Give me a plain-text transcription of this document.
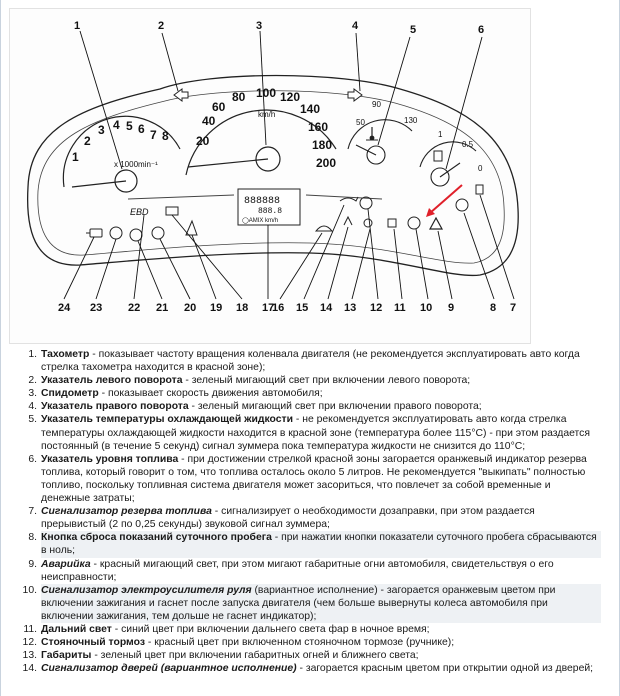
1
2
3 4 5 6 7 8
x 1000min⁻¹
20
40
60
80 100 120
140
160
180
200
km/h
50
90
130
1
0.5
0
888888
888.8
◯AMIX km/h
EBD
1	2	3	4	5	6
7
8
9
10
11
12
13
14
15
16
17
18
19
20
21
22
23
24
1. Тахометр - показывает частоту вращения коленвала двигателя (не рекомендуется эксплуатировать авто когда стрелка тахометра находится в красной зоне);
2. Указатель левого поворота - зеленый мигающий свет при включении левого поворота;
3. Спидометр - показывает скорость движения автомобиля;
4. Указатель правого поворота - зеленый мигающий свет при включении правого поворота;
5. Указатель температуры охлаждающей жидкости - не рекомендуется эксплуатировать авто когда стрелка температуры охлаждающей жидкости находится в красной зоне (температура более 115°С) - при этом раздается постоянный (в течение 5 секунд) сигнал зуммера пока температура жидкости не снизится до 110°С;
6. Указатель уровня топлива - при достижении стрелкой красной зоны загорается оранжевый индикатор резерва топлива, который говорит о том, что топлива осталось около 5 литров. Не рекомендуется "выкипать" полностью топливо, поскольку топливная система двигателя может засориться, что повлечет за собой временные и денежные затраты;
7. Сигнализатор резерва топлива - сигнализирует о необходимости дозаправки, при этом раздается прерывистый (2 по 0,25 секунды) звуковой сигнал зуммера;
8. Кнопка сброса показаний суточного пробега - при нажатии кнопки показатели суточного пробега сбрасываются в ноль;
9. Аварийка - красный мигающий свет, при этом мигают габаритные огни автомобиля, свидетельствуя о его неисправности;
10. Сигнализатор электроусилителя руля (вариантное исполнение) - загорается оранжевым цветом при включении зажигания и гаснет после запуска двигателя (чем больше вывернуты колеса автомобиля при включении зажигания, тем дольше не гаснет индикатор);
11. Дальний свет - синий цвет при включении дальнего света фар в ночное время;
12. Стояночный тормоз - красный цвет при включенном стояночном тормозе (ручнике);
13. Габариты - зеленый цвет при включении габаритных огней и ближнего света;
14. Сигнализатор дверей (вариантное исполнение) - загорается красным цветом при открытии одной из дверей;
